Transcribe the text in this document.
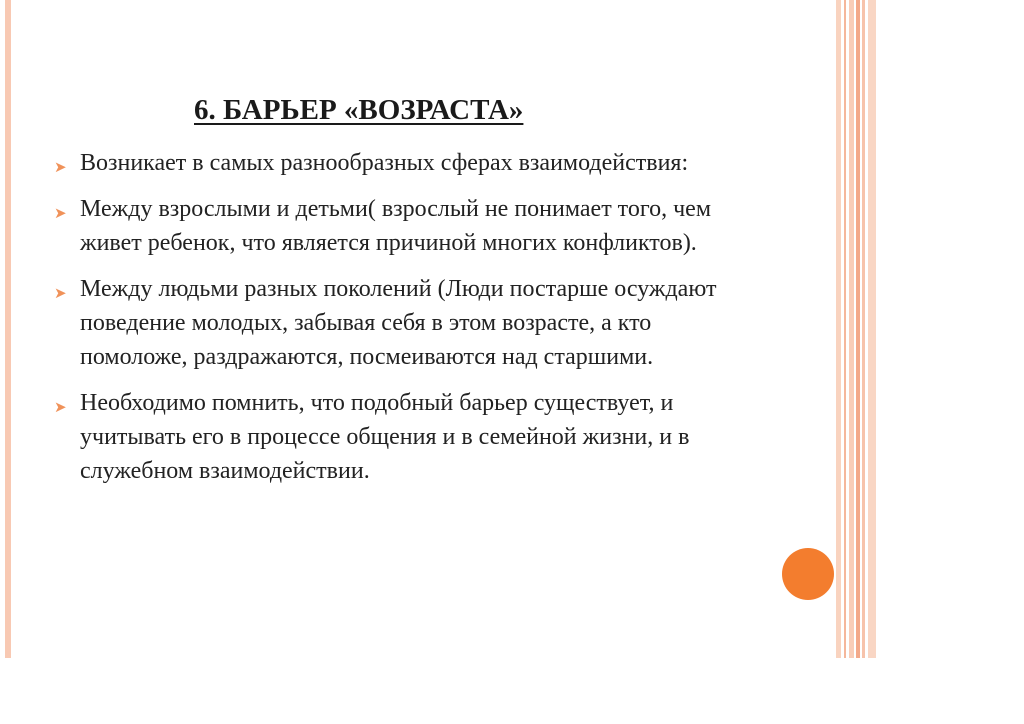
6. БАРЬЕР «ВОЗРАСТА»
➤ Возникает в самых разнообразных сферах взаимодействия:
➤ Между взрослыми и детьми( взрослый не понимает того, чем живет ребенок, что является причиной многих конфликтов).
➤ Между людьми разных поколений (Люди постарше осуждают поведение молодых, забывая себя в этом возрасте, а кто помоложе, раздражаются, посмеиваются над старшими.
➤ Необходимо помнить, что подобный барьер существует, и учитывать его в процессе общения и в семейной жизни, и в служебном взаимодействии.
